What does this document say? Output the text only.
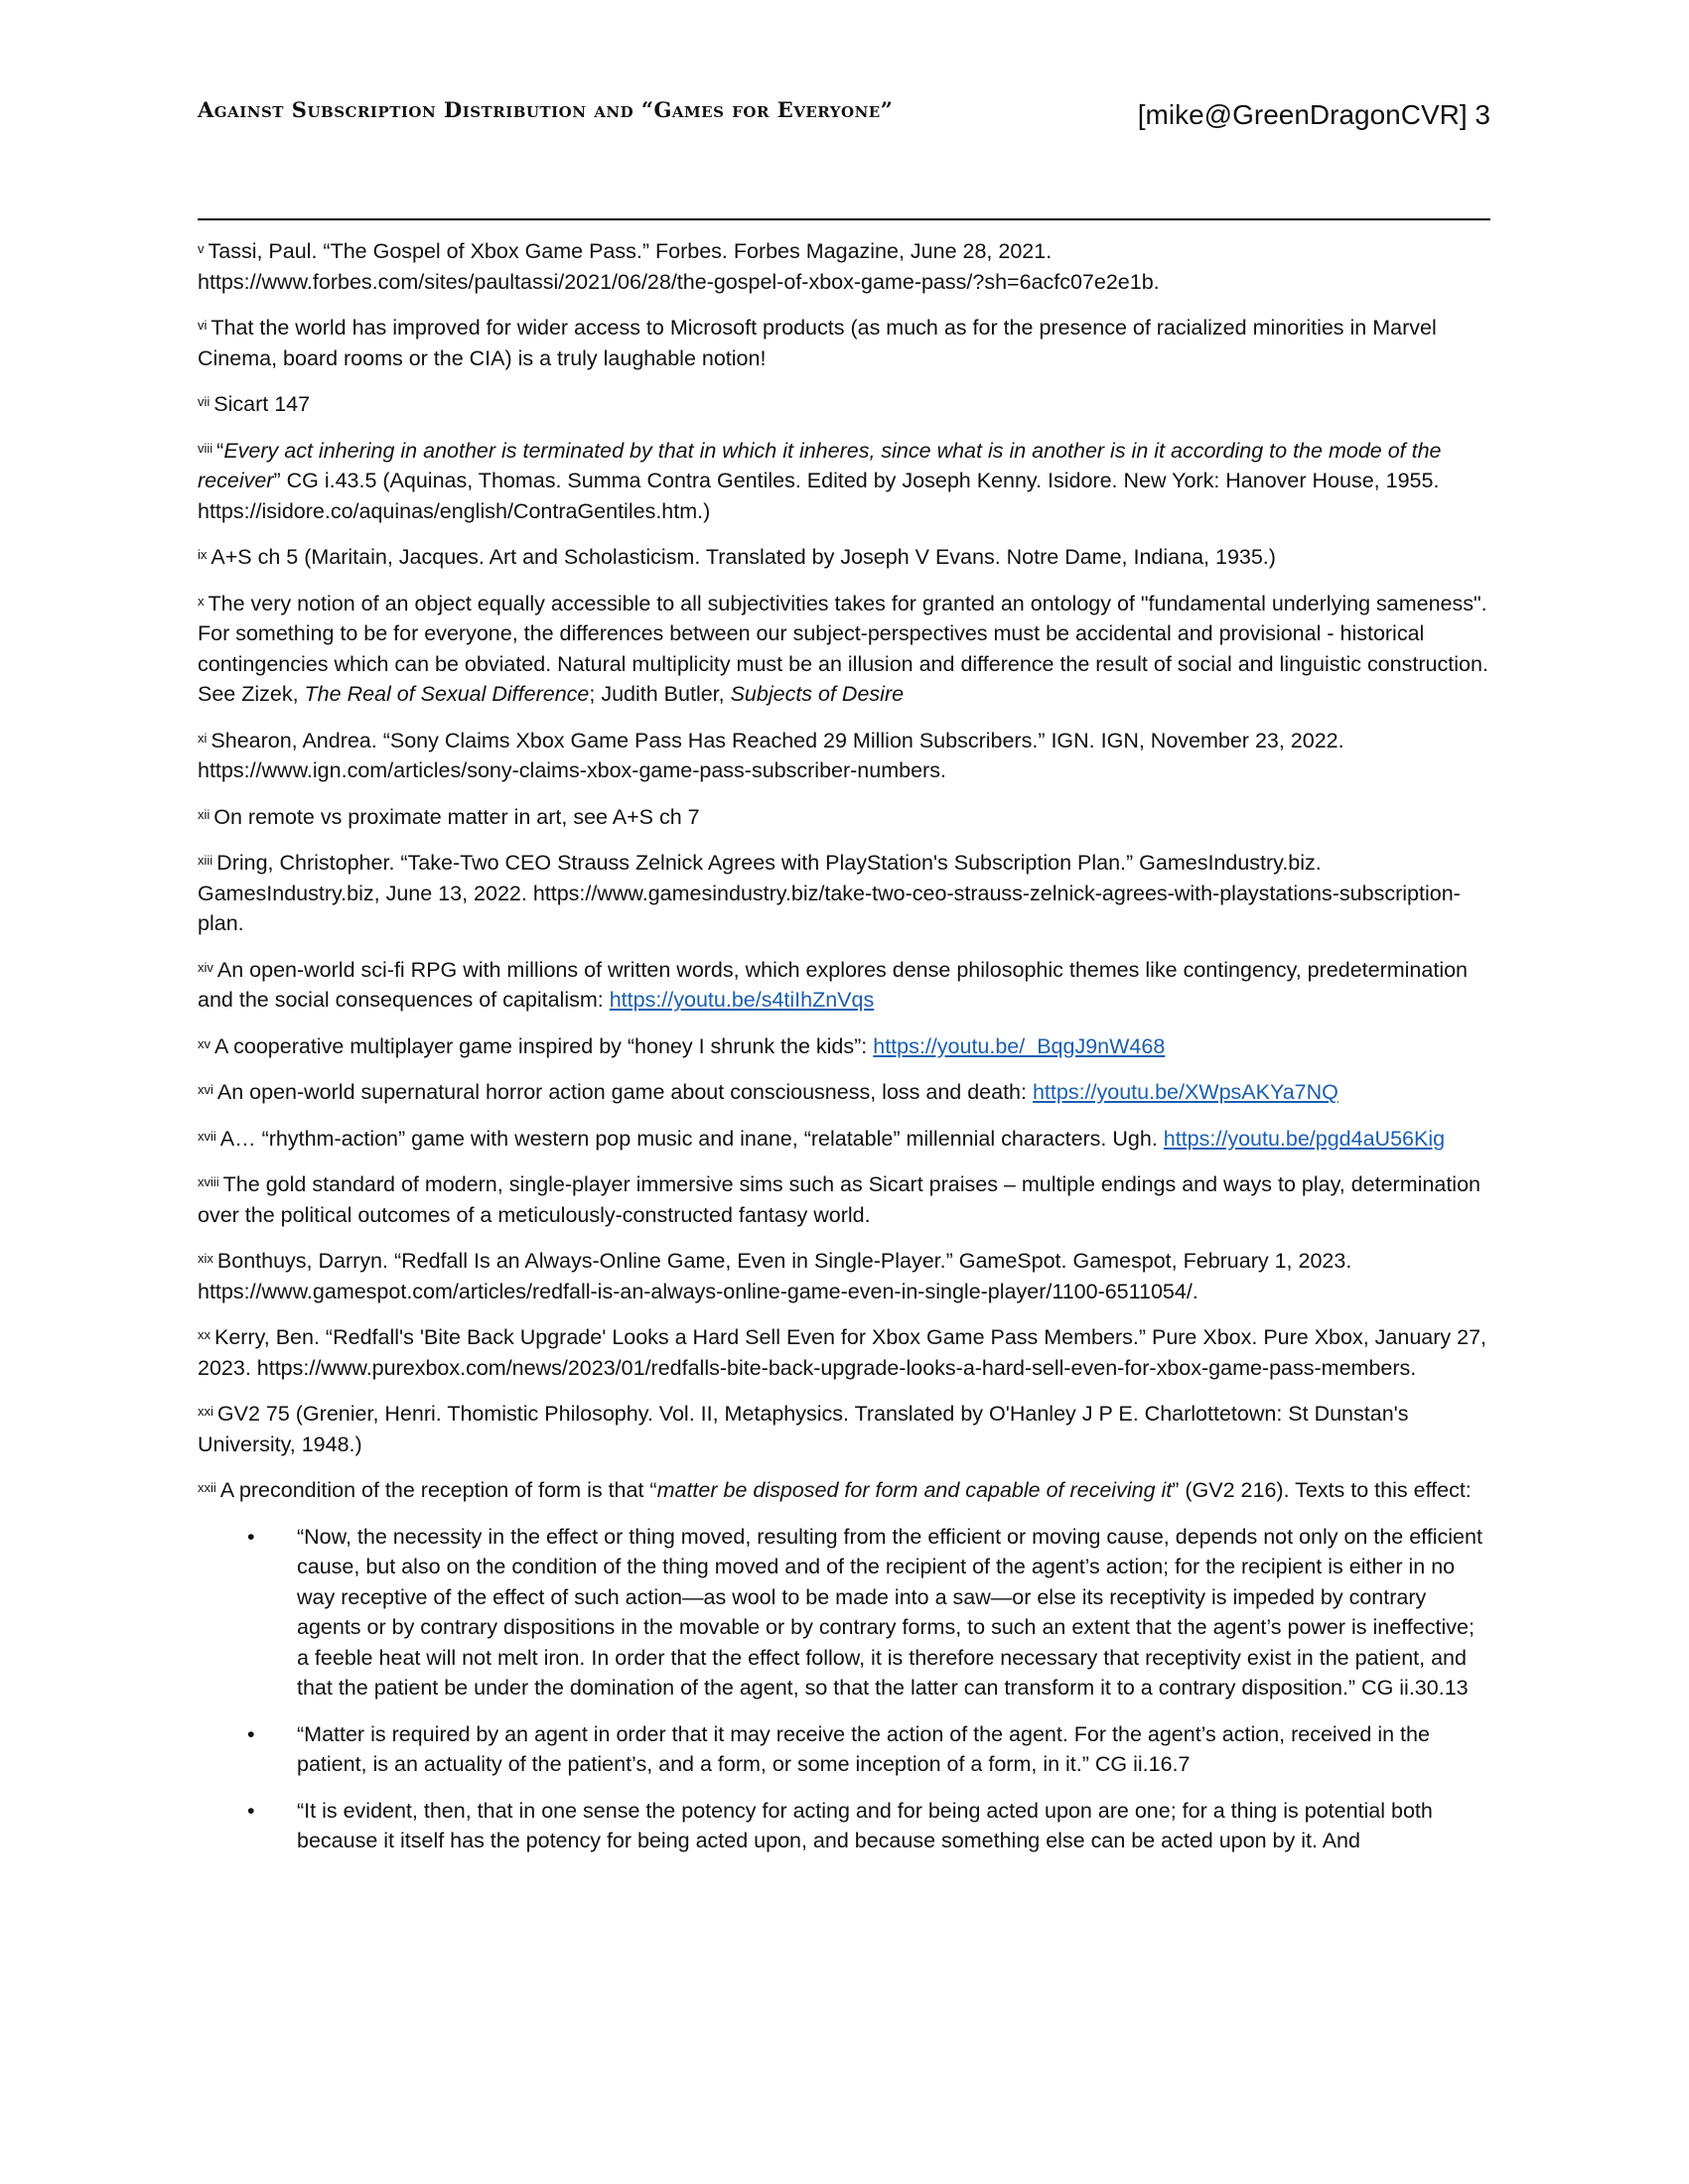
Against Subscription Distribution and “Games for Everyone”	[mike@GreenDragonCVR] 3

$^v$ Tassi, Paul. “The Gospel of Xbox Game Pass.” Forbes. Forbes Magazine, June 28, 2021. https://www.forbes.com/sites/paultassi/2021/06/28/the-gospel-of-xbox-game-pass/?sh=6acfc07e2e1b.

$^{vi}$ That the world has improved for wider access to Microsoft products (as much as for the presence of racialized minorities in Marvel Cinema, board rooms or the CIA) is a truly laughable notion!

$^{vii}$ Sicart 147

$^{viii}$ “Every act inhering in another is terminated by that in which it inheres, since what is in another is in it according to the mode of the receiver” CG i.43.5 (Aquinas, Thomas. Summa Contra Gentiles. Edited by Joseph Kenny. Isidore. New York: Hanover House, 1955. https://isidore.co/aquinas/english/ContraGentiles.htm.)

$^{ix}$ A+S ch 5 (Maritain, Jacques. Art and Scholasticism. Translated by Joseph V Evans. Notre Dame, Indiana, 1935.)

$^x$ The very notion of an object equally accessible to all subjectivities takes for granted an ontology of "fundamental underlying sameness". For something to be for everyone, the differences between our subject-perspectives must be accidental and provisional - historical contingencies which can be obviated. Natural multiplicity must be an illusion and difference the result of social and linguistic construction. See Zizek, The Real of Sexual Difference; Judith Butler, Subjects of Desire

$^{xi}$ Shearon, Andrea. “Sony Claims Xbox Game Pass Has Reached 29 Million Subscribers.” IGN. IGN, November 23, 2022. https://www.ign.com/articles/sony-claims-xbox-game-pass-subscriber-numbers.

$^{xii}$ On remote vs proximate matter in art, see A+S ch 7

$^{xiii}$ Dring, Christopher. “Take-Two CEO Strauss Zelnick Agrees with PlayStation's Subscription Plan.” GamesIndustry.biz. GamesIndustry.biz, June 13, 2022. https://www.gamesindustry.biz/take-two-ceo-strauss-zelnick-agrees-with-playstations-subscription-plan.

$^{xiv}$ An open-world sci-fi RPG with millions of written words, which explores dense philosophic themes like contingency, predetermination and the social consequences of capitalism: https://youtu.be/s4tiIhZnVqs

$^{xv}$ A cooperative multiplayer game inspired by “honey I shrunk the kids”: https://youtu.be/_BqgJ9nW468

$^{xvi}$ An open-world supernatural horror action game about consciousness, loss and death: https://youtu.be/XWpsAKYa7NQ

$^{xvii}$ A… “rhythm-action” game with western pop music and inane, “relatable” millennial characters. Ugh. https://youtu.be/pgd4aU56Kig

$^{xviii}$ The gold standard of modern, single-player immersive sims such as Sicart praises – multiple endings and ways to play, determination over the political outcomes of a meticulously-constructed fantasy world.

$^{xix}$ Bonthuys, Darryn. “Redfall Is an Always-Online Game, Even in Single-Player.” GameSpot. Gamespot, February 1, 2023. https://www.gamespot.com/articles/redfall-is-an-always-online-game-even-in-single-player/1100-6511054/.

$^{xx}$ Kerry, Ben. “Redfall's 'Bite Back Upgrade' Looks a Hard Sell Even for Xbox Game Pass Members.” Pure Xbox. Pure Xbox, January 27, 2023. https://www.purexbox.com/news/2023/01/redfalls-bite-back-upgrade-looks-a-hard-sell-even-for-xbox-game-pass-members.

$^{xxi}$ GV2 75 (Grenier, Henri. Thomistic Philosophy. Vol. II, Metaphysics. Translated by O'Hanley J P E. Charlottetown: St Dunstan's University, 1948.)

$^{xxii}$ A precondition of the reception of form is that “matter be disposed for form and capable of receiving it” (GV2 216). Texts to this effect:

• “Now, the necessity in the effect or thing moved, resulting from the efficient or moving cause, depends not only on the efficient cause, but also on the condition of the thing moved and of the recipient of the agent’s action; for the recipient is either in no way receptive of the effect of such action—as wool to be made into a saw—or else its receptivity is impeded by contrary agents or by contrary dispositions in the movable or by contrary forms, to such an extent that the agent’s power is ineffective; a feeble heat will not melt iron. In order that the effect follow, it is therefore necessary that receptivity exist in the patient, and that the patient be under the domination of the agent, so that the latter can transform it to a contrary disposition.” CG ii.30.13
• “Matter is required by an agent in order that it may receive the action of the agent. For the agent’s action, received in the patient, is an actuality of the patient’s, and a form, or some inception of a form, in it.” CG ii.16.7
• “It is evident, then, that in one sense the potency for acting and for being acted upon are one; for a thing is potential both because it itself has the potency for being acted upon, and because something else can be acted upon by it. And
